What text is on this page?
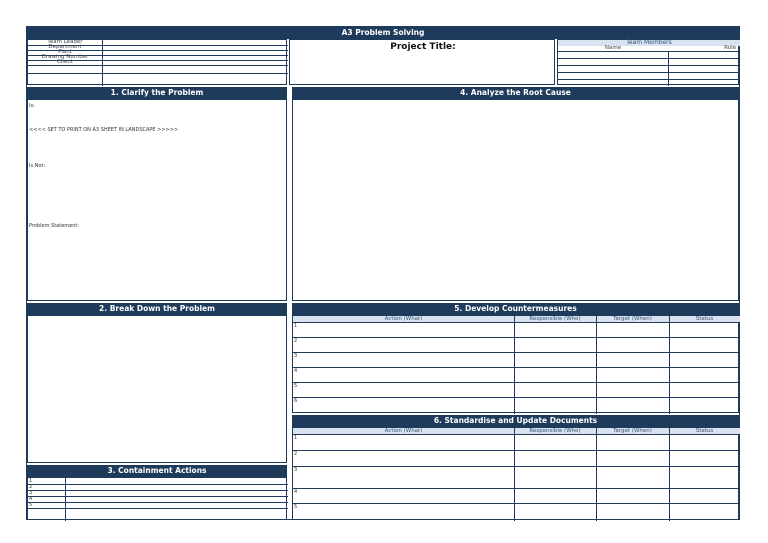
A3 Problem Solving
Team Leader
Department
Plant
Drawing Number
Client
Project Title:	Team Members
Name	Role
1. Clarify the Problem
Is:
<<<< SET TO PRINT ON A3 SHEET IN LANDSCAPE >>>>>
Is Not:
Problem Statement:
2. Break Down the Problem
3. Containment Actions
1
2
3
4
5
4. Analyze the Root Cause
5. Develop Countermeasures
Action (What)	Responsible (Who)	Target (When)	Status
1
2
3
4
5
6
6. Standardise and Update Documents
Action (What)	Responsible (Who)	Target (When)	Status
1
2
3
4
5
